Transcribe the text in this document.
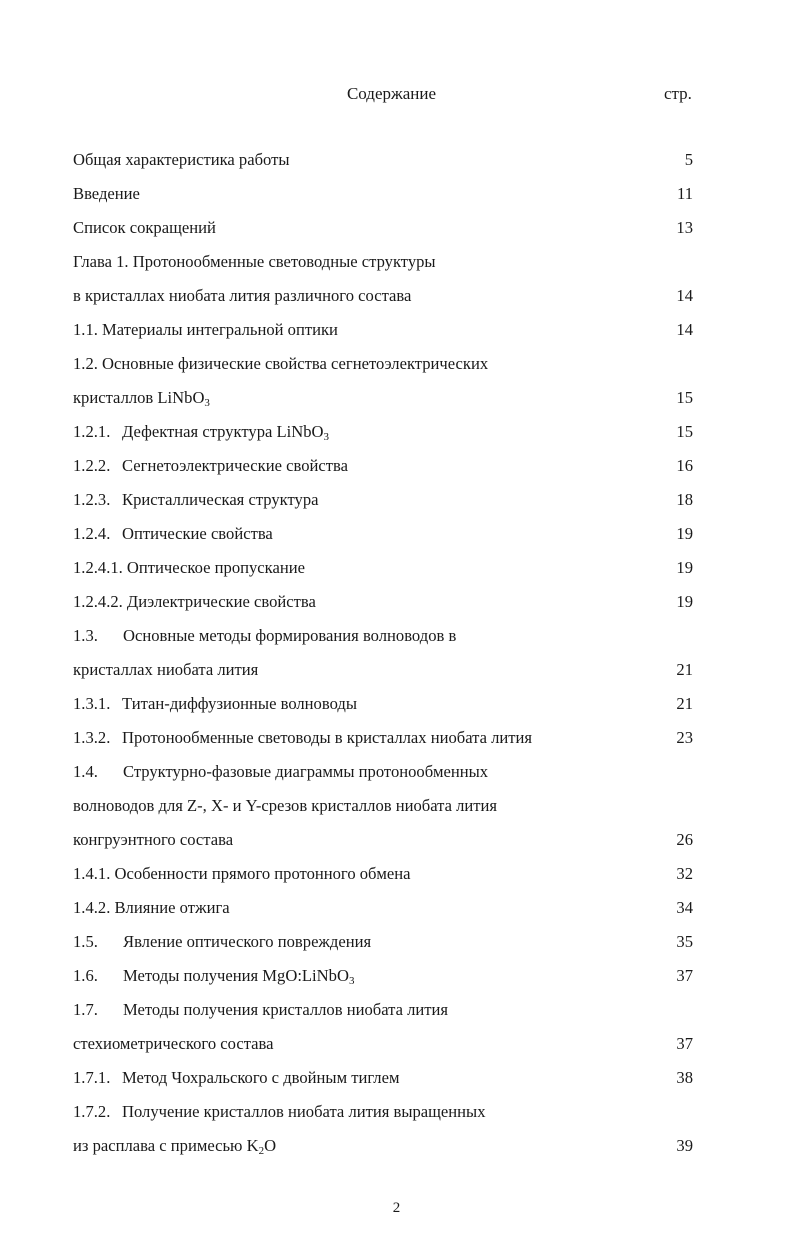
Содержание	стр.
Общая характеристика работы	5
Введение	11
Список сокращений	13
Глава 1. Протонообменные световодные структуры
в кристаллах ниобата лития различного состава	14
1.1. Материалы интегральной оптики	14
1.2. Основные физические свойства сегнетоэлектрических
кристаллов LiNbO$_3$	15
1.2.1. Дефектная структура LiNbO$_3$	15
1.2.2. Сегнетоэлектрические свойства	16
1.2.3. Кристаллическая структура	18
1.2.4. Оптические свойства	19
1.2.4.1. Оптическое пропускание	19
1.2.4.2. Диэлектрические свойства	19
1.3. Основные методы формирования волноводов в
кристаллах ниобата лития	21
1.3.1. Титан-диффузионные волноводы	21
1.3.2. Протонообменные световоды в кристаллах ниобата лития	23
1.4. Структурно-фазовые диаграммы протонообменных
волноводов для Z-, X- и Y-срезов кристаллов ниобата лития
конгруэнтного состава	26
1.4.1. Особенности прямого протонного обмена	32
1.4.2. Влияние отжига	34
1.5. Явление оптического повреждения	35
1.6. Методы получения MgO:LiNbO$_3$	37
1.7. Методы получения кристаллов ниобата лития
стехиометрического состава	37
1.7.1. Метод Чохральского с двойным тиглем	38
1.7.2. Получение кристаллов ниобата лития выращенных
из расплава с примесью $K_2O$	39
2
